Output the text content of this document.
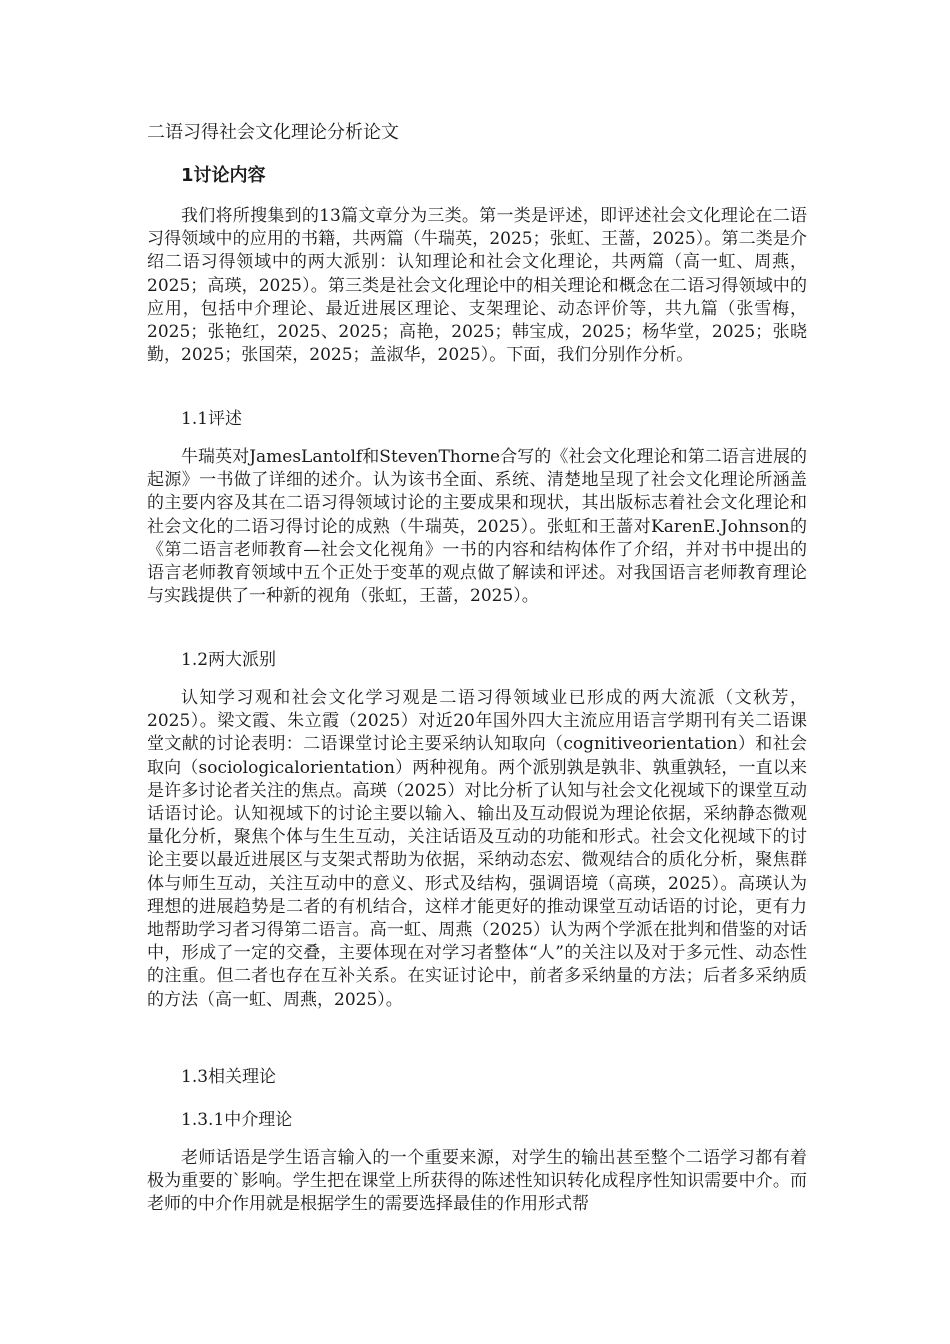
二语习得社会文化理论分析论文
1讨论内容

我们将所搜集到的13篇文章分为三类。第一类是评述，即评述社会文化理论在二语习得领域中的应用的书籍，共两篇（牛瑞英，2025；张虹、王蔷，2025）。第二类是介绍二语习得领域中的两大派别：认知理论和社会文化理论，共两篇（高一虹、周燕，2025；高瑛，2025）。第三类是社会文化理论中的相关理论和概念在二语习得领域中的应用，包括中介理论、最近进展区理论、支架理论、动态评价等，共九篇（张雪梅，2025；张艳红，2025、2025；高艳，2025；韩宝成，2025；杨华堂，2025；张晓勤，2025；张国荣，2025；盖淑华，2025）。下面，我们分别作分析。

1.1评述

牛瑞英对JamesLantolf和StevenThorne合写的《社会文化理论和第二语言进展的起源》一书做了详细的述介。认为该书全面、系统、清楚地呈现了社会文化理论所涵盖的主要内容及其在二语习得领域讨论的主要成果和现状，其出版标志着社会文化理论和社会文化的二语习得讨论的成熟（牛瑞英，2025）。张虹和王蔷对KarenE.Johnson的《第二语言老师教育—社会文化视角》一书的内容和结构体作了介绍，并对书中提出的语言老师教育领域中五个正处于变革的观点做了解读和评述。对我国语言老师教育理论与实践提供了一种新的视角（张虹，王蔷，2025）。

1.2两大派别

认知学习观和社会文化学习观是二语习得领域业已形成的两大流派（文秋芳，2025）。梁文霞、朱立霞（2025）对近20年国外四大主流应用语言学期刊有关二语课堂文献的讨论表明：二语课堂讨论主要采纳认知取向（cognitiveorientation）和社会取向（sociologicalorientation）两种视角。两个派别孰是孰非、孰重孰轻，一直以来是许多讨论者关注的焦点。高瑛（2025）对比分析了认知与社会文化视域下的课堂互动话语讨论。认知视域下的讨论主要以输入、输出及互动假说为理论依据，采纳静态微观量化分析，聚焦个体与生生互动，关注话语及互动的功能和形式。社会文化视域下的讨论主要以最近进展区与支架式帮助为依据，采纳动态宏、微观结合的质化分析，聚焦群体与师生互动，关注互动中的意义、形式及结构，强调语境（高瑛，2025）。高瑛认为理想的进展趋势是二者的有机结合，这样才能更好的推动课堂互动话语的讨论，更有力地帮助学习者习得第二语言。高一虹、周燕（2025）认为两个学派在批判和借鉴的对话中，形成了一定的交叠，主要体现在对学习者整体“人”的关注以及对于多元性、动态性的注重。但二者也存在互补关系。在实证讨论中，前者多采纳量的方法；后者多采纳质的方法（高一虹、周燕，2025）。

1.3相关理论
1.3.1中介理论

老师话语是学生语言输入的一个重要来源，对学生的输出甚至整个二语学习都有着极为重要的`影响。学生把在课堂上所获得的陈述性知识转化成程序性知识需要中介。而老师的中介作用就是根据学生的需要选择最佳的作用形式帮
